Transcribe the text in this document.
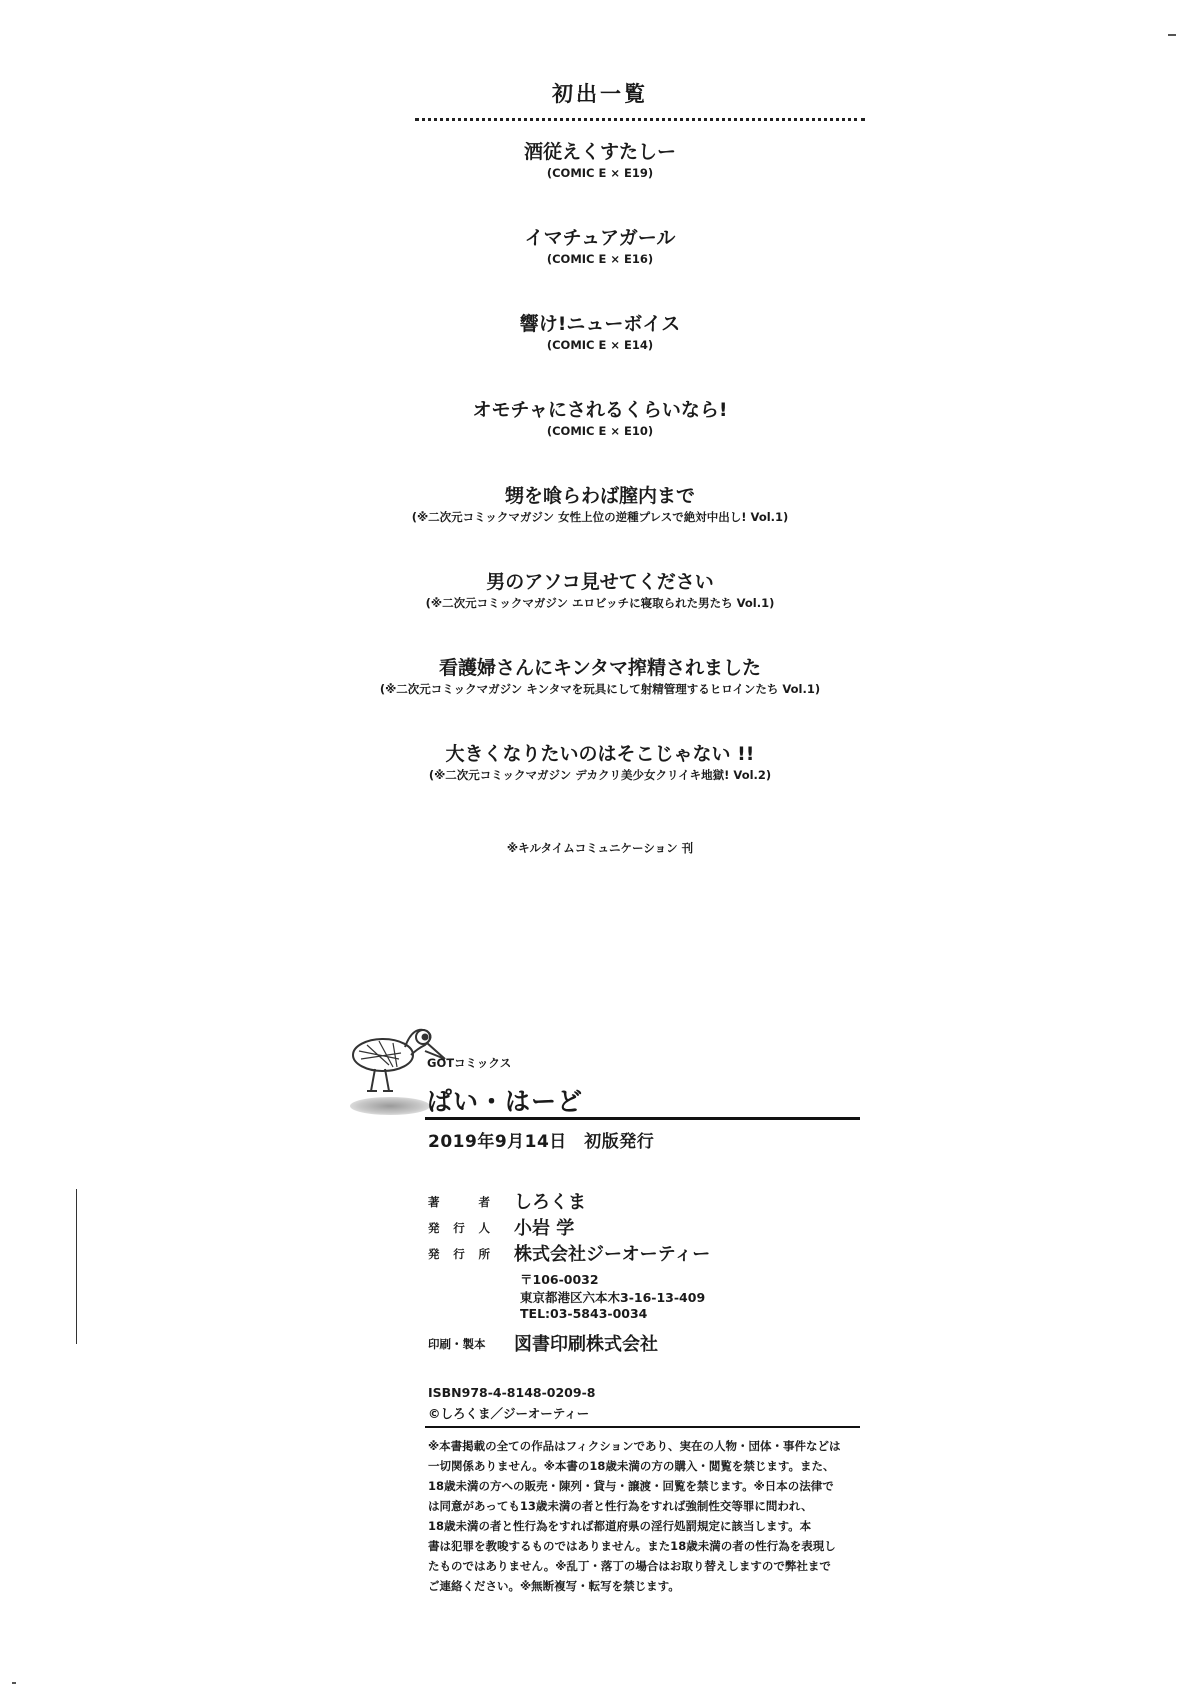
初出一覧
酒従えくすたしー
(COMIC E × E19)
イマチュアガール
(COMIC E × E16)
響け!ニューボイス
(COMIC E × E14)
オモチャにされるくらいなら!
(COMIC E × E10)
甥を喰らわば膣内まで
(※二次元コミックマガジン 女性上位の逆種プレスで絶対中出し! Vol.1)
男のアソコ見せてください
(※二次元コミックマガジン エロビッチに寝取られた男たち Vol.1)
看護婦さんにキンタマ搾精されました
(※二次元コミックマガジン キンタマを玩具にして射精管理するヒロインたち Vol.1)
大きくなりたいのはそこじゃない !!
(※二次元コミックマガジン デカクリ美少女クリイキ地獄! Vol.2)
※キルタイムコミュニケーション 刊
GOTコミックス
ぱい・はーど
2019年9月14日　初版発行
著　者 しろくま
発行人 小岩 学
発行所 株式会社ジーオーティー
〒106-0032
東京都港区六本木3-16-13-409
TEL:03-5843-0034
印刷・製本	図書印刷株式会社
ISBN978-4-8148-0209-8
©しろくま／ジーオーティー
※本書掲載の全ての作品はフィクションであり、実在の人物・団体・事件などは
一切関係ありません。※本書の18歳未満の方の購入・閲覧を禁じます。また、
18歳未満の方への販売・陳列・貸与・譲渡・回覧を禁じます。※日本の法律で
は同意があっても13歳未満の者と性行為をすれば強制性交等罪に問われ、
18歳未満の者と性行為をすれば都道府県の淫行処罰規定に該当します。本
書は犯罪を教唆するものではありません。また18歳未満の者の性行為を表現し
たものではありません。※乱丁・落丁の場合はお取り替えしますので弊社まで
ご連絡ください。※無断複写・転写を禁じます。
